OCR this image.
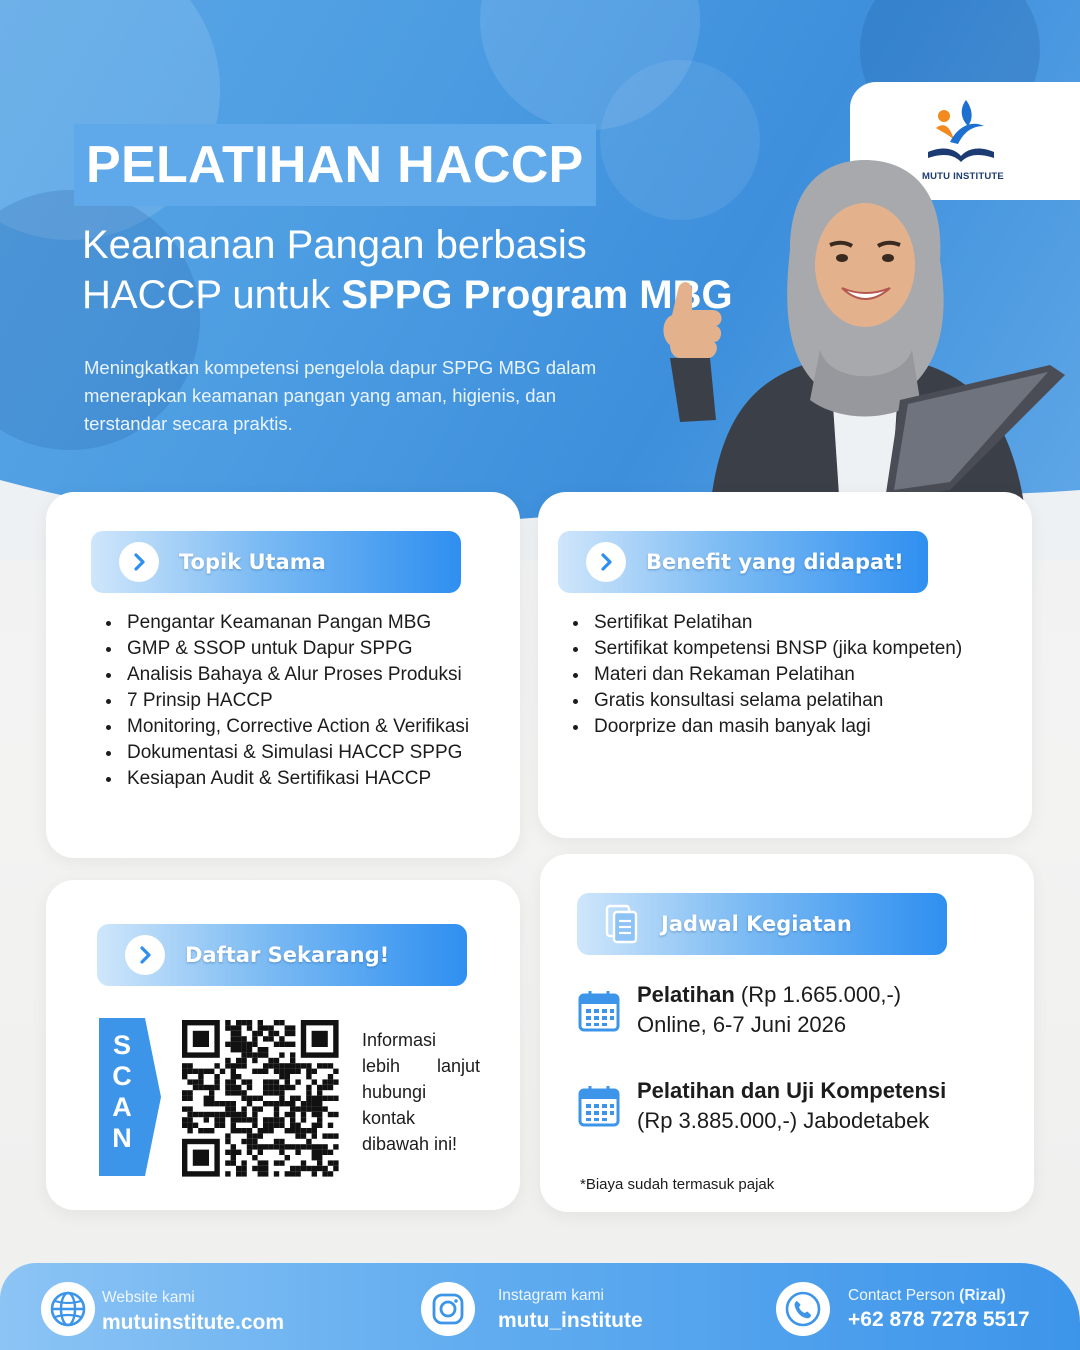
PELATIHAN HACCP
Keamanan Pangan berbasis
HACCP untuk SPPG Program MBG
Meningkatkan kompetensi pengelola dapur SPPG MBG dalam
menerapkan keamanan pangan yang aman, higienis, dan
terstandar secara praktis.
MUTU INSTITUTE
Topik Utama
• Pengantar Keamanan Pangan MBG
• GMP & SSOP untuk Dapur SPPG
• Analisis Bahaya & Alur Proses Produksi
• 7 Prinsip HACCP
• Monitoring, Corrective Action & Verifikasi
• Dokumentasi & Simulasi HACCP SPPG
• Kesiapan Audit & Sertifikasi HACCP
Benefit yang didapat!
• Sertifikat Pelatihan
• Sertifikat kompetensi BNSP (jika kompeten)
• Materi dan Rekaman Pelatihan
• Gratis konsultasi selama pelatihan
• Doorprize dan masih banyak lagi
Daftar Sekarang!
S
C
A
N
Informasi
lebih lanjut
hubungi
kontak
dibawah ini!
Jadwal Kegiatan
Pelatihan (Rp 1.665.000,-)
Online, 6-7 Juni 2026
Pelatihan dan Uji Kompetensi
(Rp 3.885.000,-) Jabodetabek
*Biaya sudah termasuk pajak
Website kami
mutuinstitute.com
Instagram kami
mutu_institute
Contact Person (Rizal)
+62 878 7278 5517
